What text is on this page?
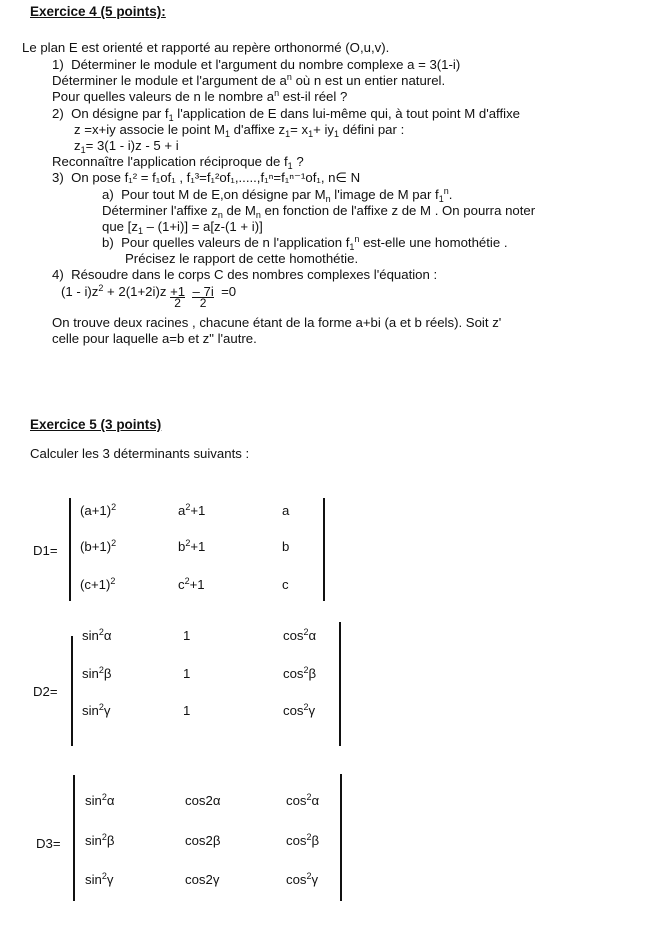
Exercice 4 (5 points):
Le plan E est orienté et rapporté au repère orthonormé (O,u,v).
1) Déterminer le module et l'argument du nombre complexe a = 3(1-i)
Déterminer le module et l'argument de $a^n$ où n est un entier naturel.
Pour quelles valeurs de n le nombre $a^n$ est-il réel ?
2) On désigne par $f_1$ l'application de E dans lui-même qui, à tout point M d'affixe
z =x+iy associe le point $M_1$ d'affixe $z_1= x_1+ iy_1$ défini par :
$z_1= 3(1 - i)z - 5 + i$
Reconnaître l'application réciproque de $f_1$ ?
3) On pose f₁² = f₁of₁ , f₁³=f₁²of₁,.....,f₁ⁿ=f₁ⁿ⁻¹of₁, n∈ N
a) Pour tout M de E,on désigne par $M_n$ l'image de M par $f_1^n$.
Déterminer l'affixe $z_n$ de $M_n$ en fonction de l'affixe z de M . On pourra noter
que $[z_1 - (1+i)] = a[z-(1 + i)]$
b) Pour quelles valeurs de n l'application $f_1^n$ est-elle une homothétie .
Précisez le rapport de cette homothétie.
4) Résoudre dans le corps C des nombres complexes l'équation :
$(1 - i)z^2 + 2(1+2i)z \frac{+1}{2} \frac{- 7i}{2} =0$
On trouve deux racines , chacune étant de la forme a+bi (a et b réels). Soit z'
celle pour laquelle a=b et z" l'autre.
Exercice 5 (3 points)
Calculer les 3 déterminants suivants :
D1=
$(a+1)^2$	$a^2+1$	a
$(b+1)^2$	$b^2+1$	b
$(c+1)^2$	$c^2+1$	c
D2=
$\sin^2\alpha$	1	$\cos^2\alpha$
$\sin^2\beta$	1	$\cos^2\beta$
$\sin^2\gamma$	1	$\cos^2\gamma$
D3=
$\sin^2\alpha$	cos2α	$\cos^2\alpha$
$\sin^2\beta$	cos2β	$\cos^2\beta$
$\sin^2\gamma$	cos2γ	$\cos^2\gamma$
